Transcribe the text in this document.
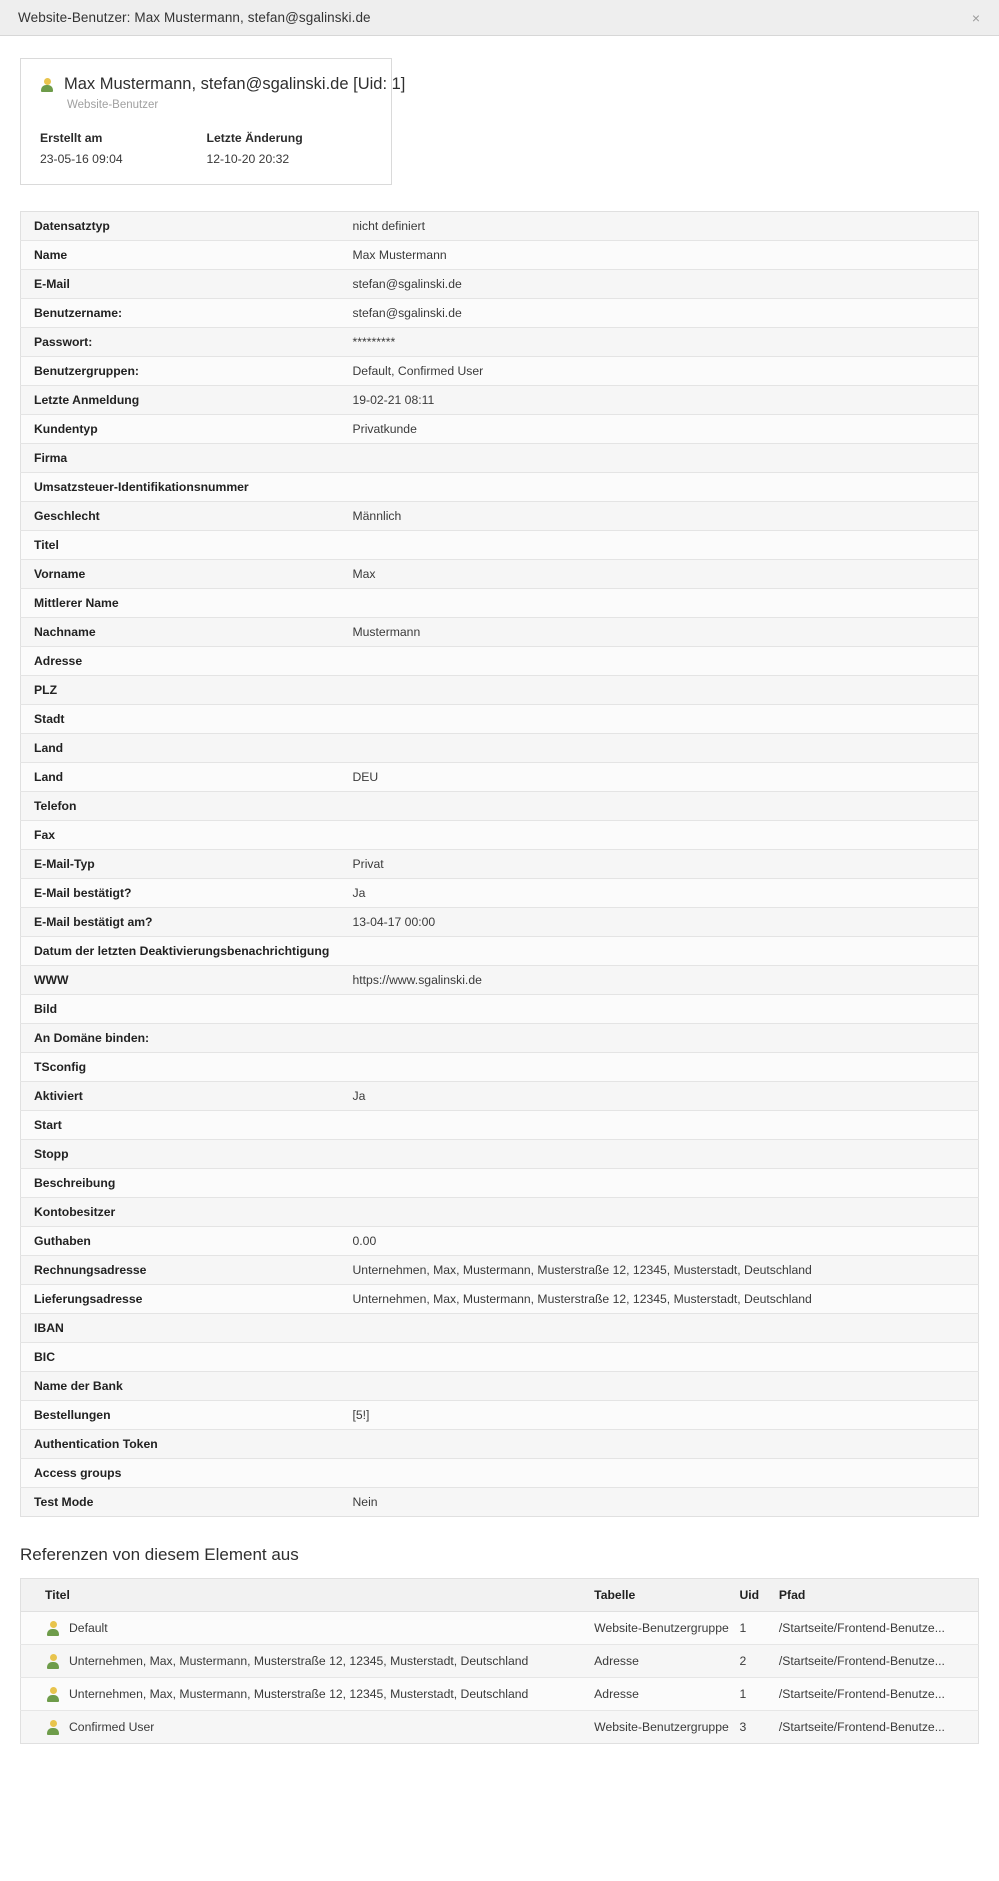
Website-Benutzer: Max Mustermann, stefan@sgalinski.de	×
Max Mustermann, stefan@sgalinski.de [Uid: 1]
Website-Benutzer
Erstellt am
23-05-16 09:04
Letzte Änderung
12-10-20 20:32
Datensatztyp	nicht definiert
Name	Max Mustermann
E-Mail	stefan@sgalinski.de
Benutzername:	stefan@sgalinski.de
Passwort:	*********
Benutzergruppen:	Default, Confirmed User
Letzte Anmeldung	19-02-21 08:11
Kundentyp	Privatkunde
Firma	
Umsatzsteuer-Identifikationsnummer	
Geschlecht	Männlich
Titel	
Vorname	Max
Mittlerer Name	
Nachname	Mustermann
Adresse	
PLZ	
Stadt	
Land	
Land	DEU
Telefon	
Fax	
E-Mail-Typ	Privat
E-Mail bestätigt?	Ja
E-Mail bestätigt am?	13-04-17 00:00
Datum der letzten Deaktivierungsbenachrichtigung	
WWW	https://www.sgalinski.de
Bild	
An Domäne binden:	
TSconfig	
Aktiviert	Ja
Start	
Stopp	
Beschreibung	
Kontobesitzer	
Guthaben	0.00
Rechnungsadresse	Unternehmen, Max, Mustermann, Musterstraße 12, 12345, Musterstadt, Deutschland
Lieferungsadresse	Unternehmen, Max, Mustermann, Musterstraße 12, 12345, Musterstadt, Deutschland
IBAN	
BIC	
Name der Bank	
Bestellungen	[5!]
Authentication Token	
Access groups	
Test Mode	Nein
Referenzen von diesem Element aus
Titel	Tabelle	Uid	Pfad

Default	Website-Benutzergruppe	1	/Startseite/Frontend-Benutze...

Unternehmen, Max, Mustermann, Musterstraße 12, 12345, Musterstadt, Deutschland	Adresse	2	/Startseite/Frontend-Benutze...

Unternehmen, Max, Mustermann, Musterstraße 12, 12345, Musterstadt, Deutschland	Adresse	1	/Startseite/Frontend-Benutze...

Confirmed User	Website-Benutzergruppe	3	/Startseite/Frontend-Benutze...
